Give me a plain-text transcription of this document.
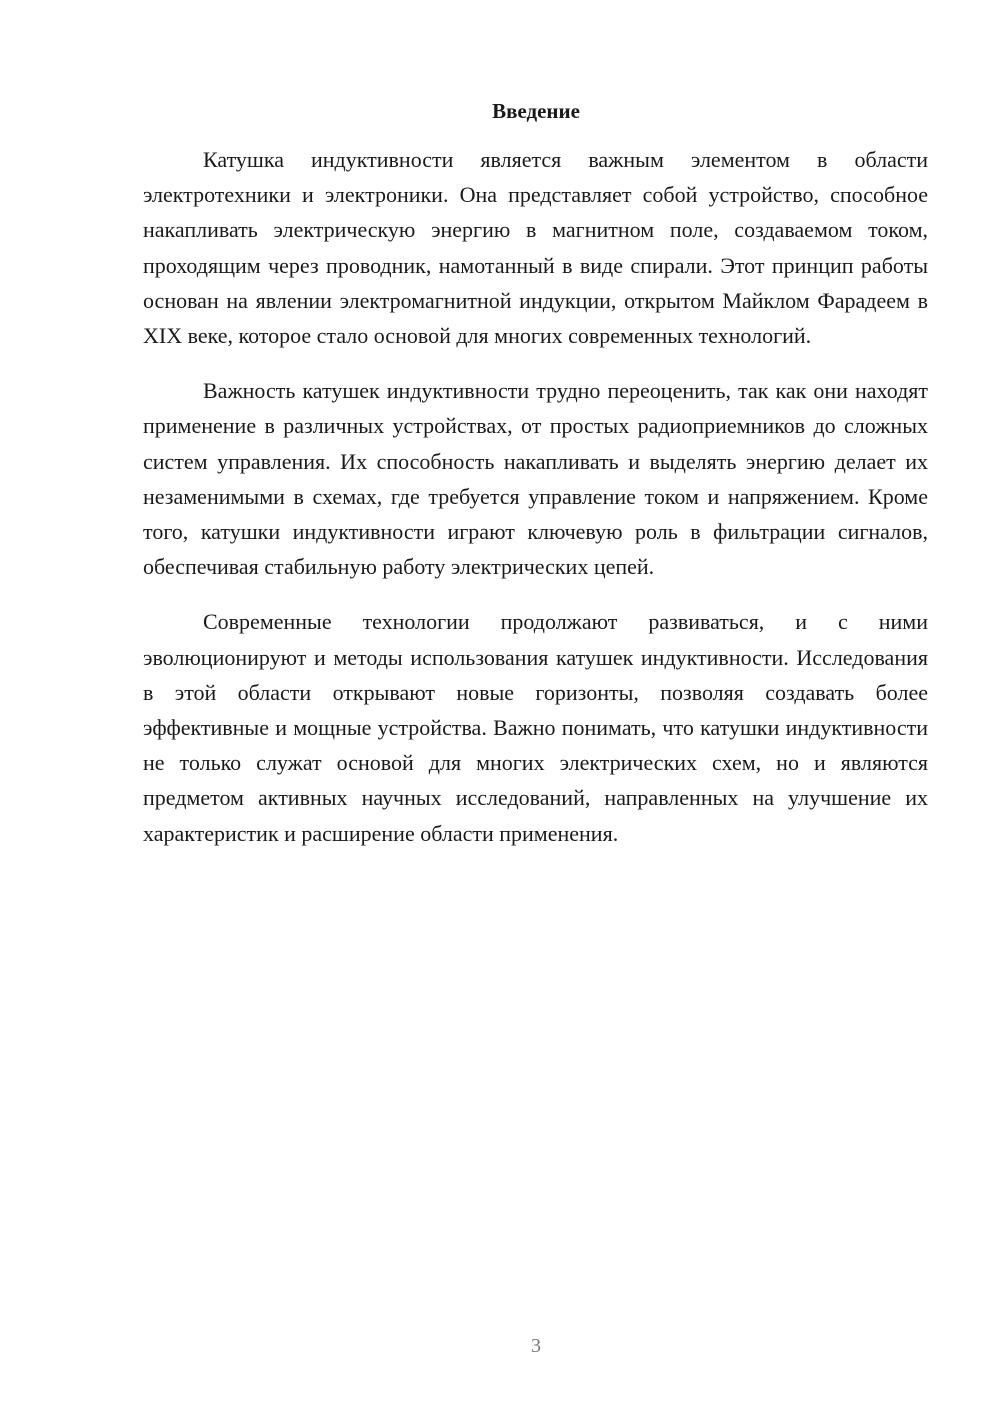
Введение

Катушка индуктивности является важным элементом в области электротехники и электроники. Она представляет собой устройство, способное накапливать электрическую энергию в магнитном поле, создаваемом током, проходящим через проводник, намотанный в виде спирали. Этот принцип работы основан на явлении электромагнитной индукции, открытом Майклом Фарадеем в XIX веке, которое стало основой для многих современных технологий.

Важность катушек индуктивности трудно переоценить, так как они находят применение в различных устройствах, от простых радиоприемников до сложных систем управления. Их способность накапливать и выделять энергию делает их незаменимыми в схемах, где требуется управление током и напряжением. Кроме того, катушки индуктивности играют ключевую роль в фильтрации сигналов, обеспечивая стабильную работу электрических цепей.

Современные технологии продолжают развиваться, и с ними эволюционируют и методы использования катушек индуктивности. Исследования в этой области открывают новые горизонты, позволяя создавать более эффективные и мощные устройства. Важно понимать, что катушки индуктивности не только служат основой для многих электрических схем, но и являются предметом активных научных исследований, направленных на улучшение их характеристик и расширение области применения.

3
